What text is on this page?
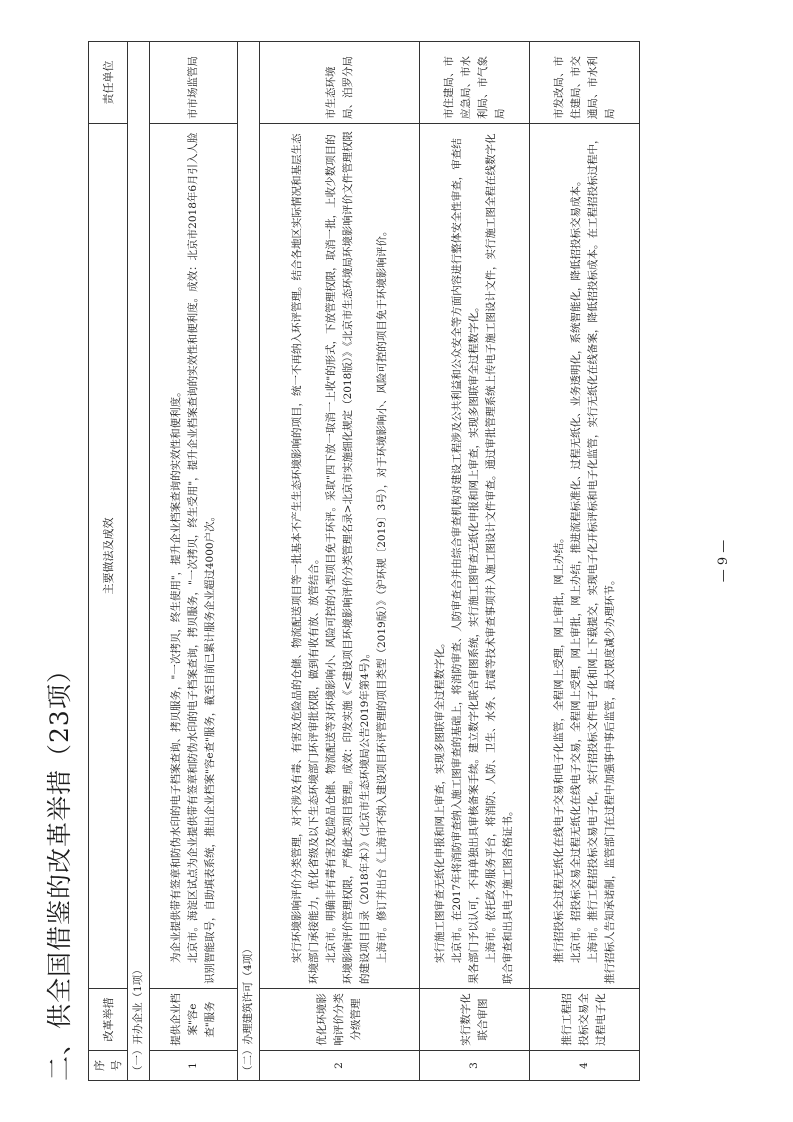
二、供全国借鉴的改革举措（23项） 序号	改革举措	主要做法及成效	责任单位
（一）开办企业（1项）			
1	提供企业档案"容e查"服务	为企业提供带有签章和防伪水印的电子档案查询、拷贝服务，"一次拷贝，终生使用"，提升企业档案查询的实效性和便利度。 北京市。海淀区试点为企业提供带有签章和防伪水印的电子档案查询，拷贝服务，"一次拷贝，终生受用"，提升企业档案查询的实效性和便利度。成效：北京市2018年6月引入人脸识别智能取号，自助填表系统，推出企业档案"容e查"服务，截至目前已累计服务企业超过4000户次。	市市场监管局
（二）办理建筑许可（4项）			
2	优化环境影响评价分类分级管理	实行环境影响评价分类管理，对不涉及有毒、有害及危险品的仓储、物流配送项目等一批基本不产生生态环境影响的项目，统一不再纳入环评管理。结合各地区实际情况和基层生态环境部门承接能力，优化省级及以下生态环境部门环评审批权限，做到有收有放、放管结合。 北京市。明确非有毒有害及危险品仓储、物流配送等对环境影响小、风险可控的小型项目免于环评。采取"四下放一取消一上收"的形式，下放管理权限，取消一批，上收少数项目的环境影响评价管理权限，严格此类项目管理。成效：印发实施《<建设项目环境影响评价分类管理名录>北京市实施细化规定（2018版）》《北京市生态环境局环境影响评价文件管理权限的建设项目目录（2018年本）》(北京市生态环境局公告2019年第4号)。 上海市。修订并出台《上海市不纳入建设项目环评管理的项目类型（2019版）》（沪环规〔2019〕3号），对于环境影响小、风险可控的项目免于环境影响评价。	市生态环境局、泊罗分局
3	实行数字化联合审图	实行施工图审查无纸化申报和网上审查，实现多图联审全过程数字化。 北京市。在2017年将消防审查纳入施工图审查的基础上，将消防审查、人防审查合并由综合审查机构对建设工程涉及公共利益和公众安全等方面内容进行整体安全性审查，审查结果各部门予以认可，不再单独出具审核备案手续。建立数字化联合审图系统，实行施工图审查无纸化申报和网上审查，实现多图联审全过程数字化。 上海市。依托政务服务平台，将消防、人防、卫生、水务、抗震等技术审查事项并入施工图设计文件审查。通过审批管理系统上传电子施工图设计文件，实行施工图全程在线数字化联合审查和出具电子施工图合格证书。	市住建局、市应急局、市水利局、市气象局
4	推行工程招投标交易全过程电子化	推行招投标全过程无纸化在线电子交易和电子化监管，全程网上受理，网上审批，网上办结。 北京市。招投标交易全过程无纸化在线电子交易，全程网上受理，网上审批，网上办结，推进流程标准化、过程无纸化、业务透明化，系统智能化，降低招投标交易成本。 上海市。推行工程招投标交易电子化，实行招投标文件电子化和网上下载提交，实现电子化开标评标和电子化监管，实行无纸化在线备案，降低招投标成本。在工程招投标过程中，推行招标人告知承诺制，监管部门在过程中加强事中事后监管，最大限度减少办理环节。	市发改局、市住建局、市交通局、市水利局
— 9 —
